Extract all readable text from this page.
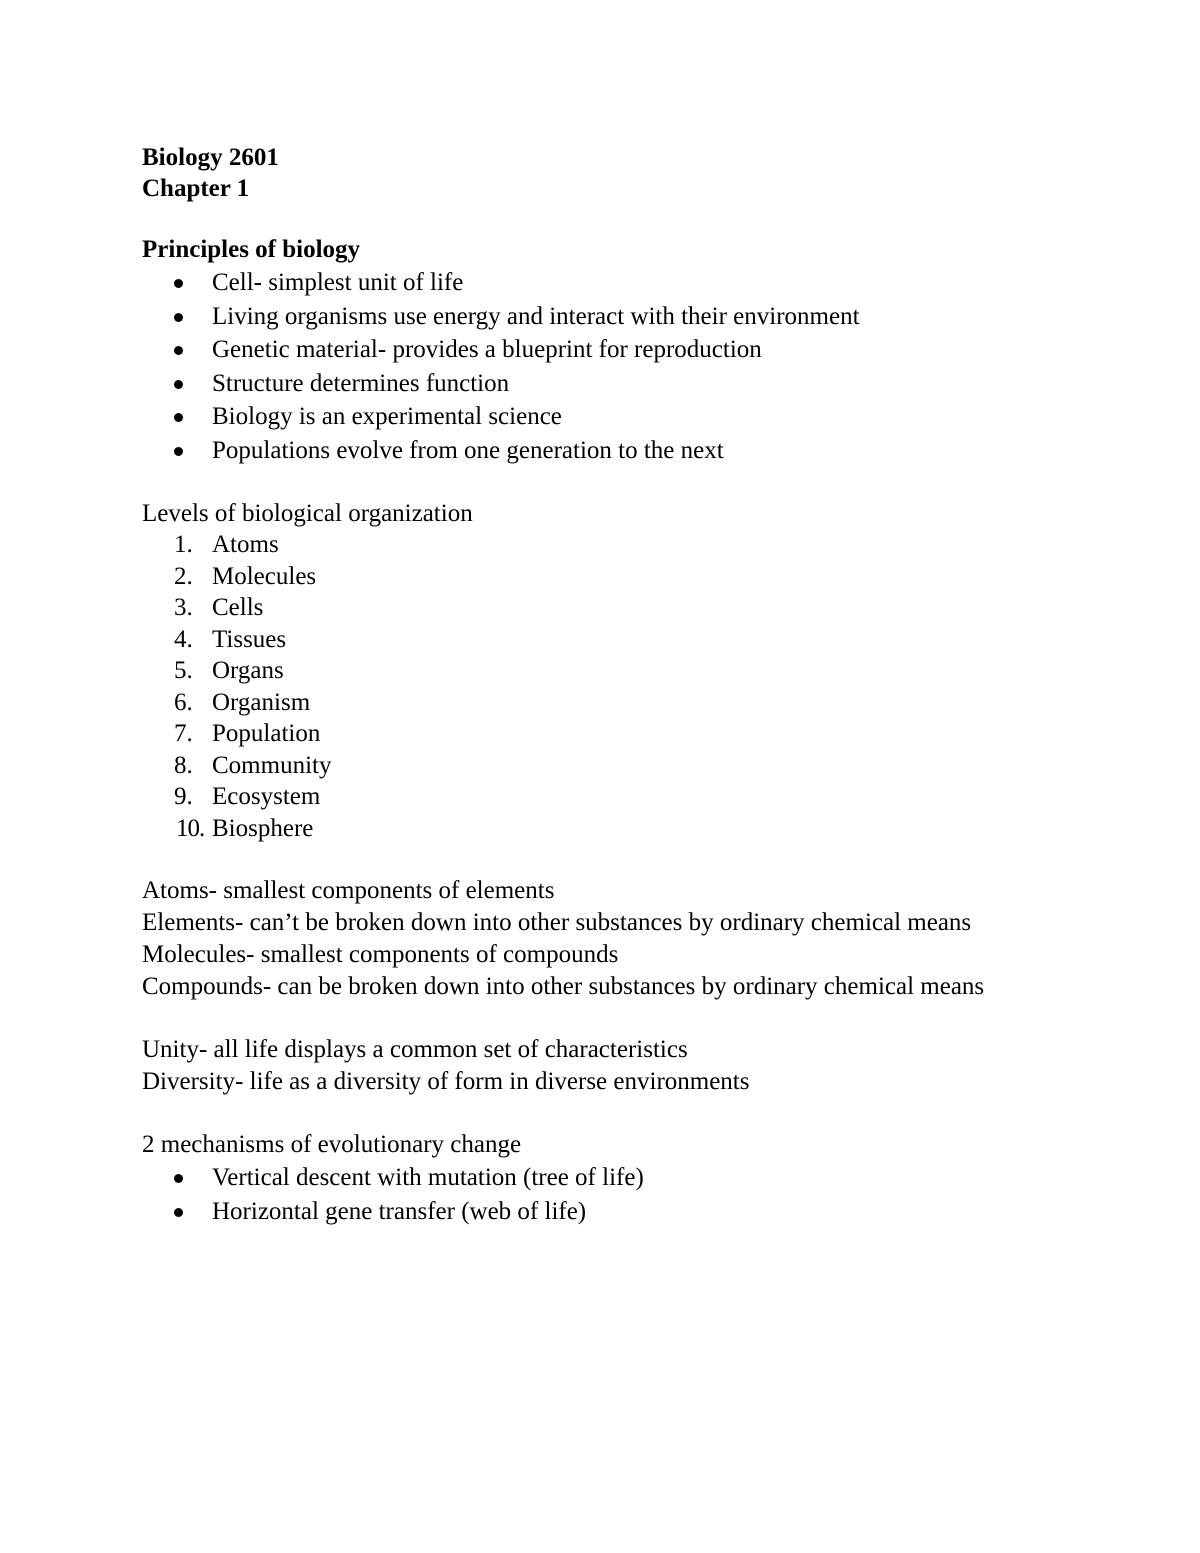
Biology 2601
Chapter 1
Principles of biology
Cell- simplest unit of life
Living organisms use energy and interact with their environment
Genetic material- provides a blueprint for reproduction
Structure determines function
Biology is an experimental science
Populations evolve from one generation to the next
Levels of biological organization
1. Atoms
2. Molecules
3. Cells
4. Tissues
5. Organs
6. Organism
7. Population
8. Community
9. Ecosystem
10. Biosphere
Atoms- smallest components of elements
Elements- can’t be broken down into other substances by ordinary chemical means
Molecules- smallest components of compounds
Compounds- can be broken down into other substances by ordinary chemical means
Unity- all life displays a common set of characteristics
Diversity- life as a diversity of form in diverse environments
2 mechanisms of evolutionary change
Vertical descent with mutation (tree of life)
Horizontal gene transfer (web of life)
